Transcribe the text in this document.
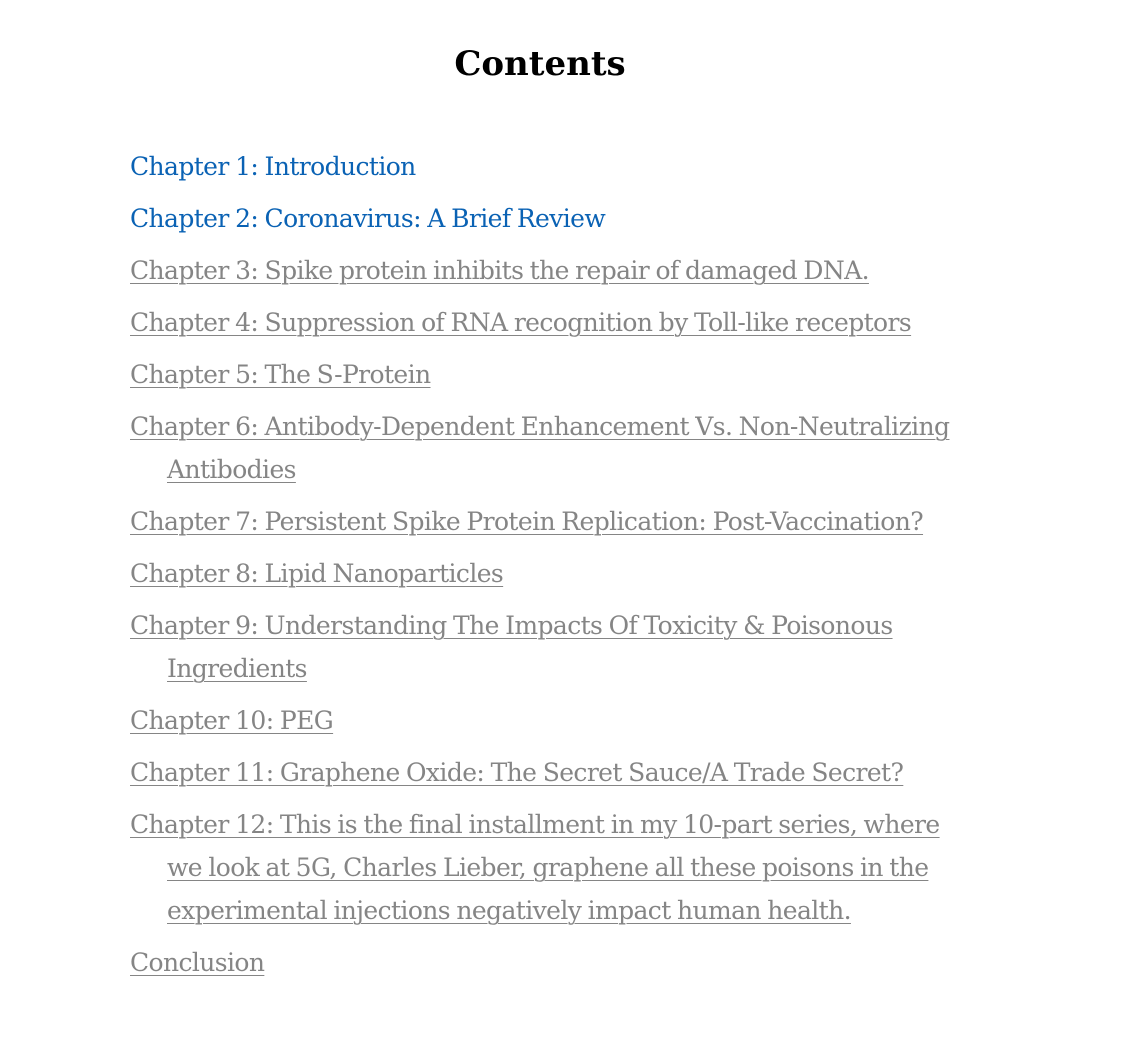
Contents
Chapter 1: Introduction
Chapter 2: Coronavirus: A Brief Review
Chapter 3: Spike protein inhibits the repair of damaged DNA.
Chapter 4: Suppression of RNA recognition by Toll-like receptors
Chapter 5: The S-Protein
Chapter 6: Antibody-Dependent Enhancement Vs. Non-Neutralizing Antibodies
Chapter 7: Persistent Spike Protein Replication: Post-Vaccination?
Chapter 8: Lipid Nanoparticles
Chapter 9: Understanding The Impacts Of Toxicity & Poisonous Ingredients
Chapter 10: PEG
Chapter 11: Graphene Oxide: The Secret Sauce/A Trade Secret?
Chapter 12: This is the final installment in my 10-part series, where we look at 5G, Charles Lieber, graphene all these poisons in the experimental injections negatively impact human health.
Conclusion
